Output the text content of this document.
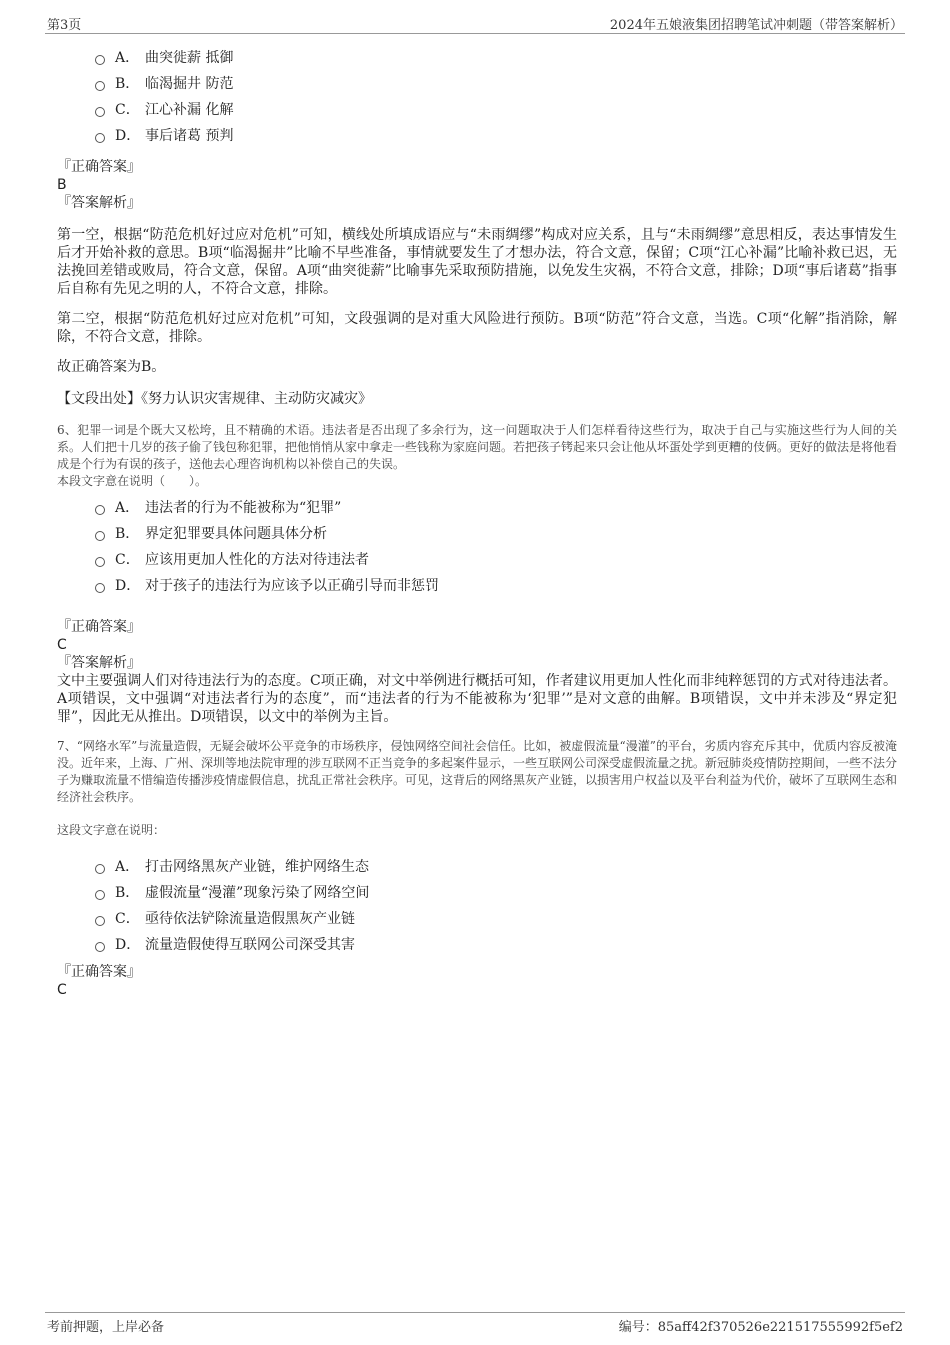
第3页	2024年五娘液集团招聘笔试冲刺题（带答案解析）
A． 曲突徙薪 抵御
B． 临渴掘井 防范
C． 江心补漏 化解
D． 事后诸葛 预判
『正确答案』
B
『答案解析』

第一空，根据“防范危机好过应对危机”可知，横线处所填成语应与“未雨绸缪”构成对应关系，且与“未雨绸缪”意思相反，表达事情发生后才开始补救的意思。B项“临渴掘井”比喻不早些准备，事情就要发生了才想办法，符合文意，保留；C项“江心补漏”比喻补救已迟，无法挽回差错或败局，符合文意，保留。A项“曲突徙薪”比喻事先采取预防措施，以免发生灾祸，不符合文意，排除；D项“事后诸葛”指事后自称有先见之明的人，不符合文意，排除。

第二空，根据“防范危机好过应对危机”可知，文段强调的是对重大风险进行预防。B项“防范”符合文意，当选。C项“化解”指消除，解除，不符合文意，排除。

故正确答案为B。

【文段出处】《努力认识灾害规律、主动防灾减灾》

6、犯罪一词是个既大又松垮，且不精确的术语。违法者是否出现了多余行为，这一问题取决于人们怎样看待这些行为，取决于自己与实施这些行为人间的关系。人们把十几岁的孩子偷了钱包称犯罪，把他悄悄从家中拿走一些钱称为家庭问题。若把孩子铐起来只会让他从坏蛋处学到更糟的伎俩。更好的做法是将他看成是个行为有误的孩子，送他去心理咨询机构以补偿自己的失误。

本段文字意在说明（　　）。

A． 违法者的行为不能被称为“犯罪”
B． 界定犯罪要具体问题具体分析
C． 应该用更加人性化的方法对待违法者
D． 对于孩子的违法行为应该予以正确引导而非惩罚
『正确答案』
C
『答案解析』

文中主要强调人们对待违法行为的态度。C项正确，对文中举例进行概括可知，作者建议用更加人性化而非纯粹惩罚的方式对待违法者。A项错误，文中强调“对违法者行为的态度”，而“违法者的行为不能被称为‘犯罪’”是对文意的曲解。B项错误，文中并未涉及“界定犯罪”，因此无从推出。D项错误，以文中的举例为主旨。

7、“网络水军”与流量造假，无疑会破坏公平竞争的市场秩序，侵蚀网络空间社会信任。比如，被虚假流量“漫灌”的平台，劣质内容充斥其中，优质内容反被淹没。近年来，上海、广州、深圳等地法院审理的涉互联网不正当竞争的多起案件显示，一些互联网公司深受虚假流量之扰。新冠肺炎疫情防控期间，一些不法分子为赚取流量不惜编造传播涉疫情虚假信息，扰乱正常社会秩序。可见，这背后的网络黑灰产业链，以损害用户权益以及平台利益为代价，破坏了互联网生态和经济社会秩序。

这段文字意在说明：

A． 打击网络黑灰产业链，维护网络生态
B． 虚假流量“漫灌”现象污染了网络空间
C． 亟待依法铲除流量造假黑灰产业链
D． 流量造假使得互联网公司深受其害
『正确答案』
C
考前押题，上岸必备	编号：85aff42f370526e221517555992f5ef2
